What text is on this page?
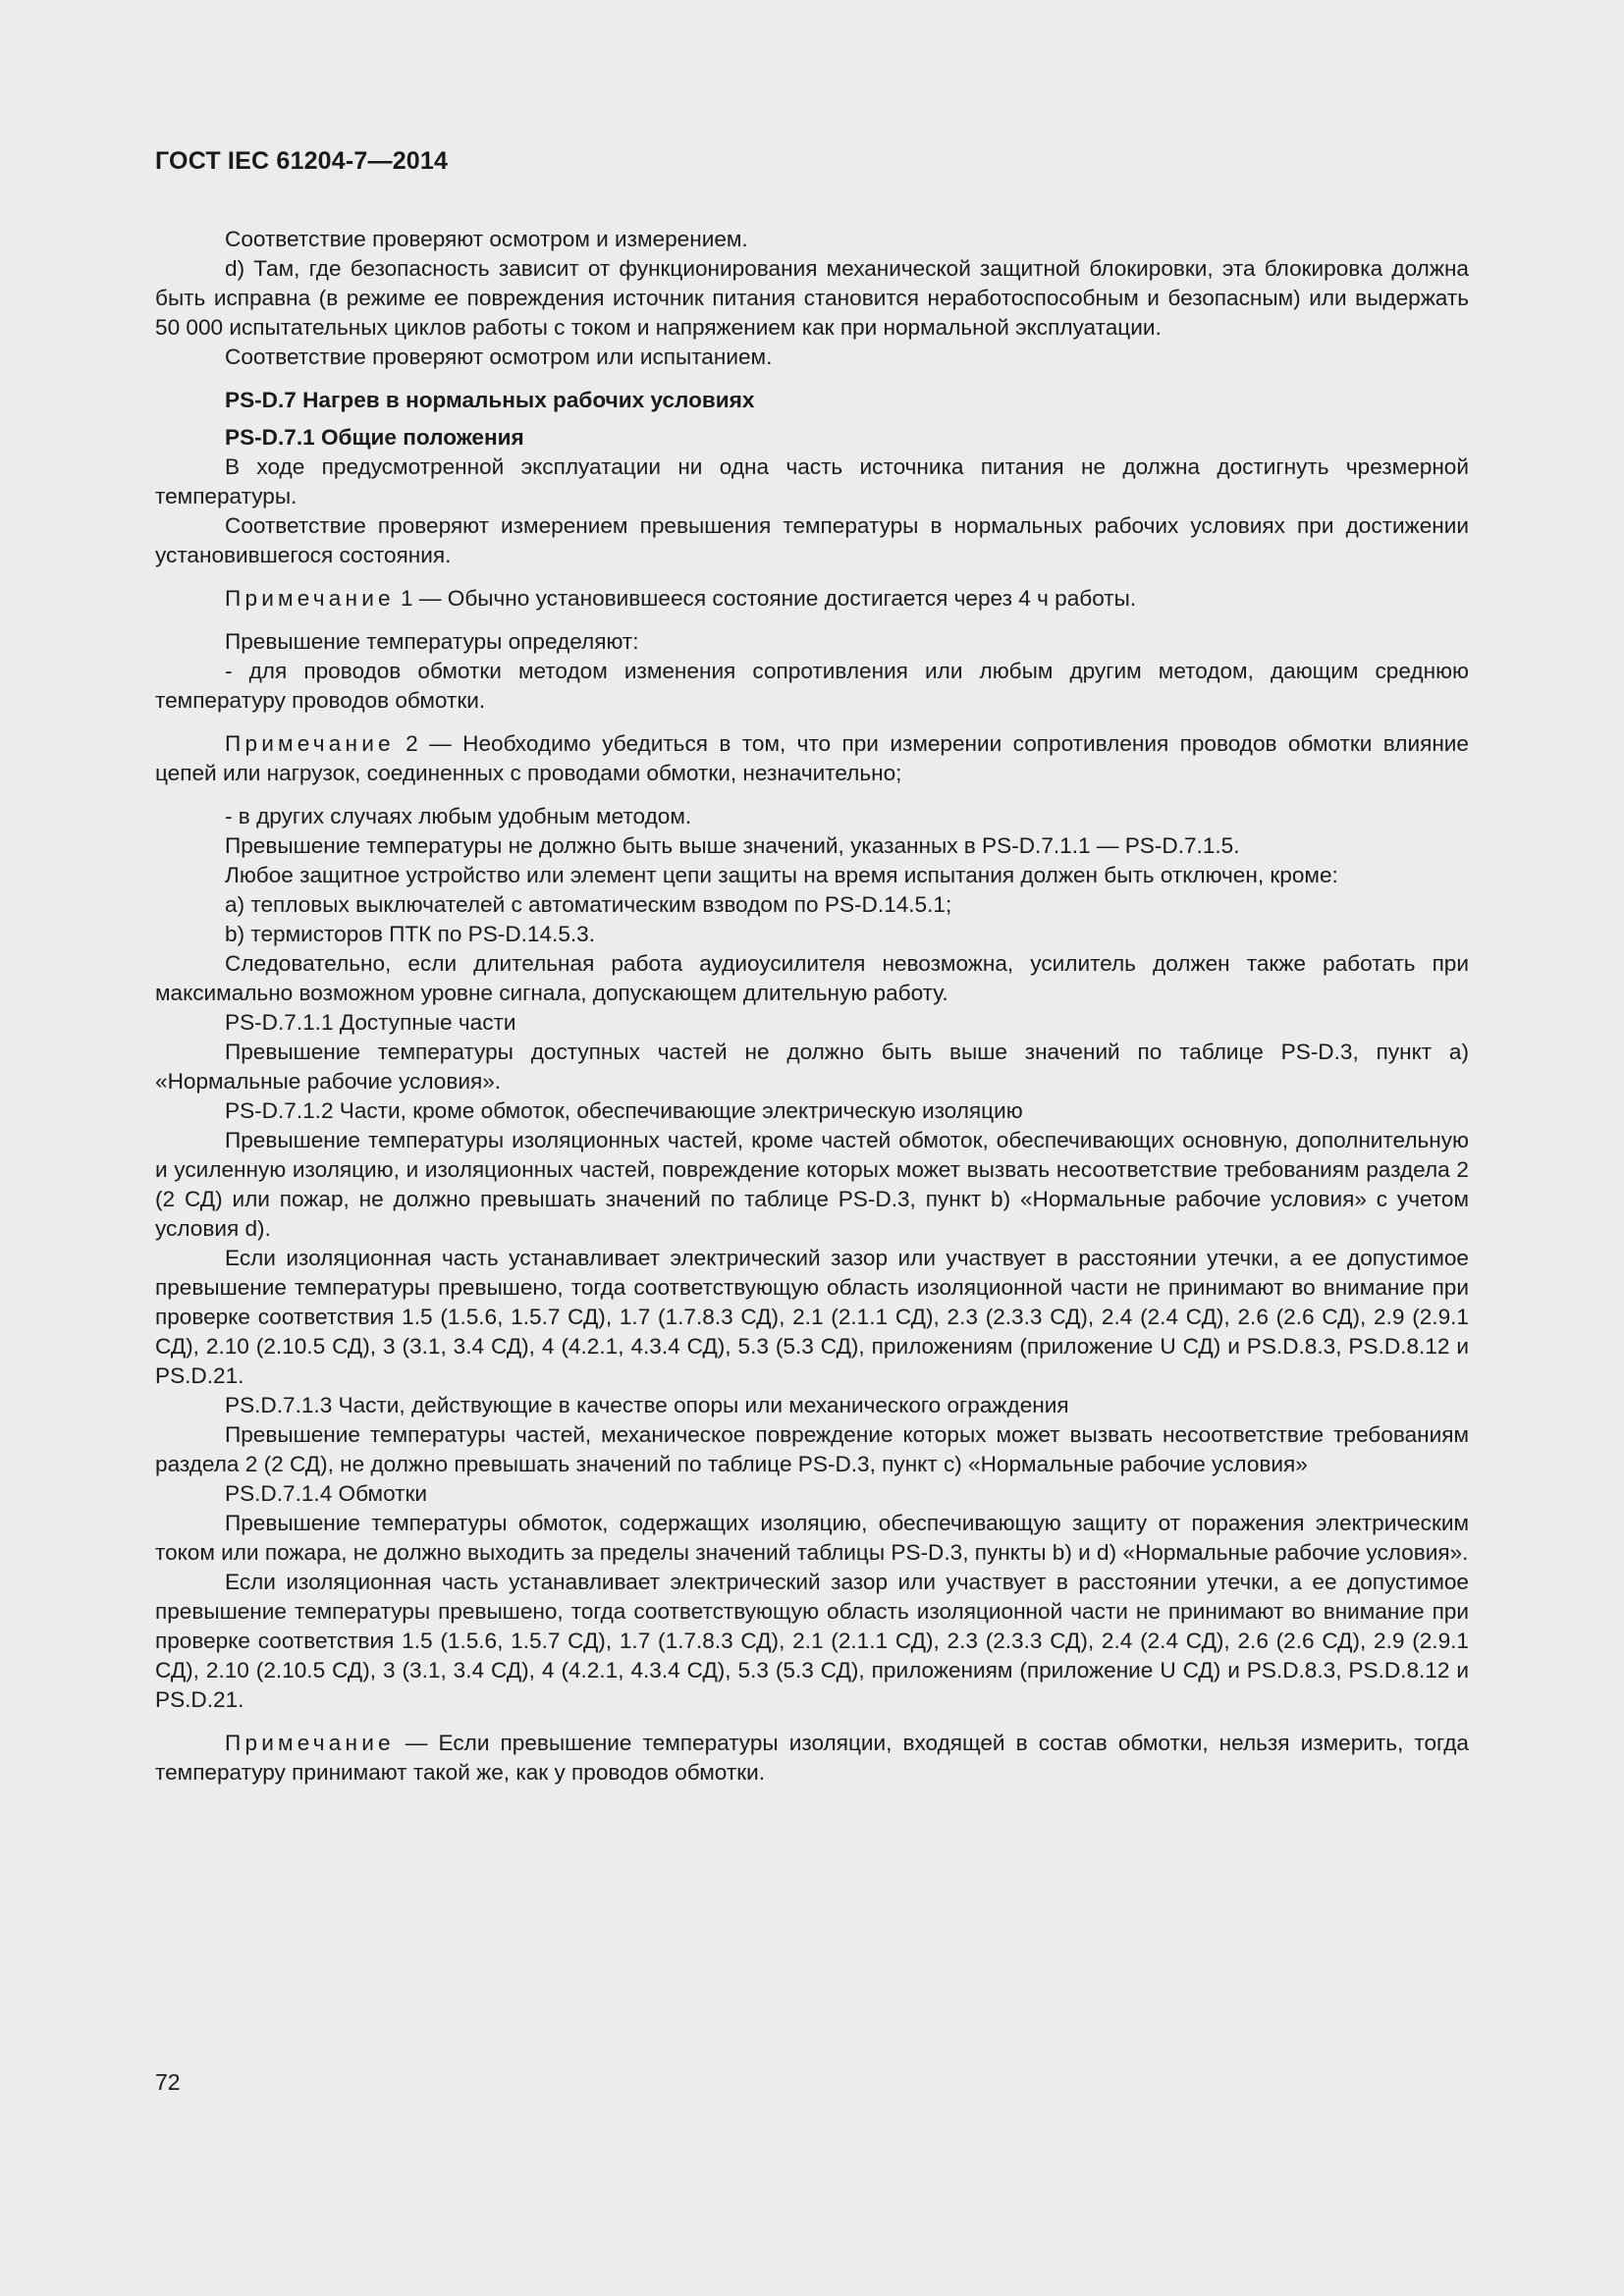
ГОСТ IEC 61204-7—2014

Соответствие проверяют осмотром и измерением.

d) Там, где безопасность зависит от функционирования механической защитной блокировки, эта блокировка должна быть исправна (в режиме ее повреждения источник питания становится неработоспособным и безопасным) или выдержать 50 000 испытательных циклов работы с током и напряжением как при нормальной эксплуатации.

Соответствие проверяют осмотром или испытанием.

PS-D.7 Нагрев в нормальных рабочих условиях

PS-D.7.1 Общие положения

В ходе предусмотренной эксплуатации ни одна часть источника питания не должна достигнуть чрезмерной температуры.

Соответствие проверяют измерением превышения температуры в нормальных рабочих условиях при достижении установившегося состояния.

Примечание 1 — Обычно установившееся состояние достигается через 4 ч работы.

Превышение температуры определяют:

- для проводов обмотки методом изменения сопротивления или любым другим методом, дающим среднюю температуру проводов обмотки.

Примечание 2 — Необходимо убедиться в том, что при измерении сопротивления проводов обмотки влияние цепей или нагрузок, соединенных с проводами обмотки, незначительно;

- в других случаях любым удобным методом.

Превышение температуры не должно быть выше значений, указанных в PS-D.7.1.1 — PS-D.7.1.5.

Любое защитное устройство или элемент цепи защиты на время испытания должен быть отключен, кроме:

a) тепловых выключателей с автоматическим взводом по PS-D.14.5.1;

b) термисторов ПТК по PS-D.14.5.3.

Следовательно, если длительная работа аудиоусилителя невозможна, усилитель должен также работать при максимально возможном уровне сигнала, допускающем длительную работу.

PS-D.7.1.1 Доступные части

Превышение температуры доступных частей не должно быть выше значений по таблице PS-D.3, пункт a) «Нормальные рабочие условия».

PS-D.7.1.2 Части, кроме обмоток, обеспечивающие электрическую изоляцию

Превышение температуры изоляционных частей, кроме частей обмоток, обеспечивающих основную, дополнительную и усиленную изоляцию, и изоляционных частей, повреждение которых может вызвать несоответствие требованиям раздела 2 (2 СД) или пожар, не должно превышать значений по таблице PS-D.3, пункт b) «Нормальные рабочие условия» с учетом условия d).

Если изоляционная часть устанавливает электрический зазор или участвует в расстоянии утечки, а ее допустимое превышение температуры превышено, тогда соответствующую область изоляционной части не принимают во внимание при проверке соответствия 1.5 (1.5.6, 1.5.7 СД), 1.7 (1.7.8.3 СД), 2.1 (2.1.1 СД), 2.3 (2.3.3 СД), 2.4 (2.4 СД), 2.6 (2.6 СД), 2.9 (2.9.1 СД), 2.10 (2.10.5 СД), 3 (3.1, 3.4 СД), 4 (4.2.1, 4.3.4 СД), 5.3 (5.3 СД), приложениям (приложение U СД) и PS.D.8.3, PS.D.8.12 и PS.D.21.

PS.D.7.1.3 Части, действующие в качестве опоры или механического ограждения

Превышение температуры частей, механическое повреждение которых может вызвать несоответствие требованиям раздела 2 (2 СД), не должно превышать значений по таблице PS-D.3, пункт c) «Нормальные рабочие условия»

PS.D.7.1.4 Обмотки

Превышение температуры обмоток, содержащих изоляцию, обеспечивающую защиту от поражения электрическим током или пожара, не должно выходить за пределы значений таблицы PS-D.3, пункты b) и d) «Нормальные рабочие условия».

Если изоляционная часть устанавливает электрический зазор или участвует в расстоянии утечки, а ее допустимое превышение температуры превышено, тогда соответствующую область изоляционной части не принимают во внимание при проверке соответствия 1.5 (1.5.6, 1.5.7 СД), 1.7 (1.7.8.3 СД), 2.1 (2.1.1 СД), 2.3 (2.3.3 СД), 2.4 (2.4 СД), 2.6 (2.6 СД), 2.9 (2.9.1 СД), 2.10 (2.10.5 СД), 3 (3.1, 3.4 СД), 4 (4.2.1, 4.3.4 СД), 5.3 (5.3 СД), приложениям (приложение U СД) и PS.D.8.3, PS.D.8.12 и PS.D.21.

Примечание — Если превышение температуры изоляции, входящей в состав обмотки, нельзя измерить, тогда температуру принимают такой же, как у проводов обмотки.

72
